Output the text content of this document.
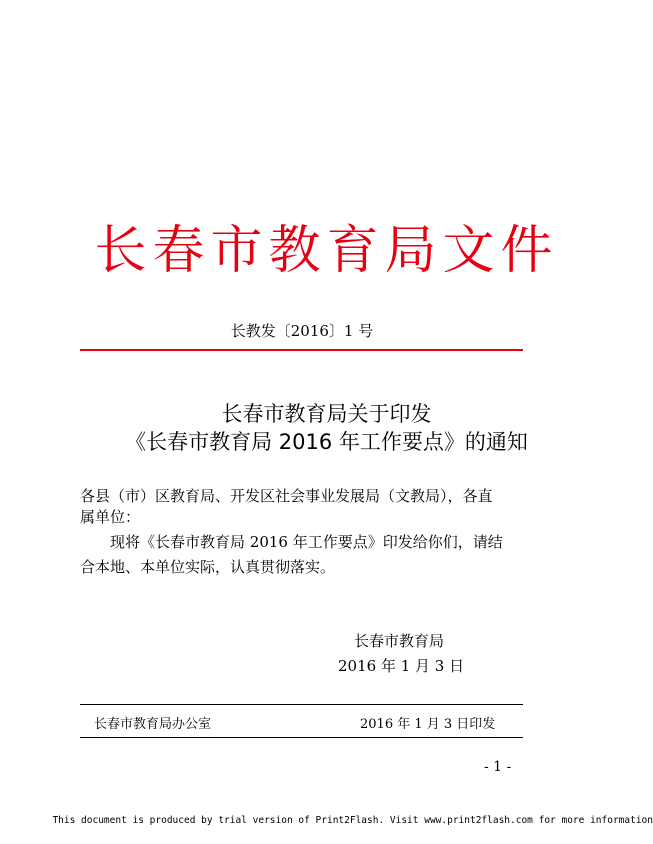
长春市教育局文件
长教发〔2016〕1 号
长春市教育局关于印发
《长春市教育局 2016 年工作要点》的通知
各县（市）区教育局、开发区社会事业发展局（文教局），各直
属单位：
　　现将《长春市教育局 2016 年工作要点》印发给你们，请结
合本地、本单位实际，认真贯彻落实。
长春市教育局
2016 年 1 月 3 日
长春市教育局办公室	2016 年 1 月 3 日印发
- 1 -
This document is produced by trial version of Print2Flash. Visit www.print2flash.com for more information
